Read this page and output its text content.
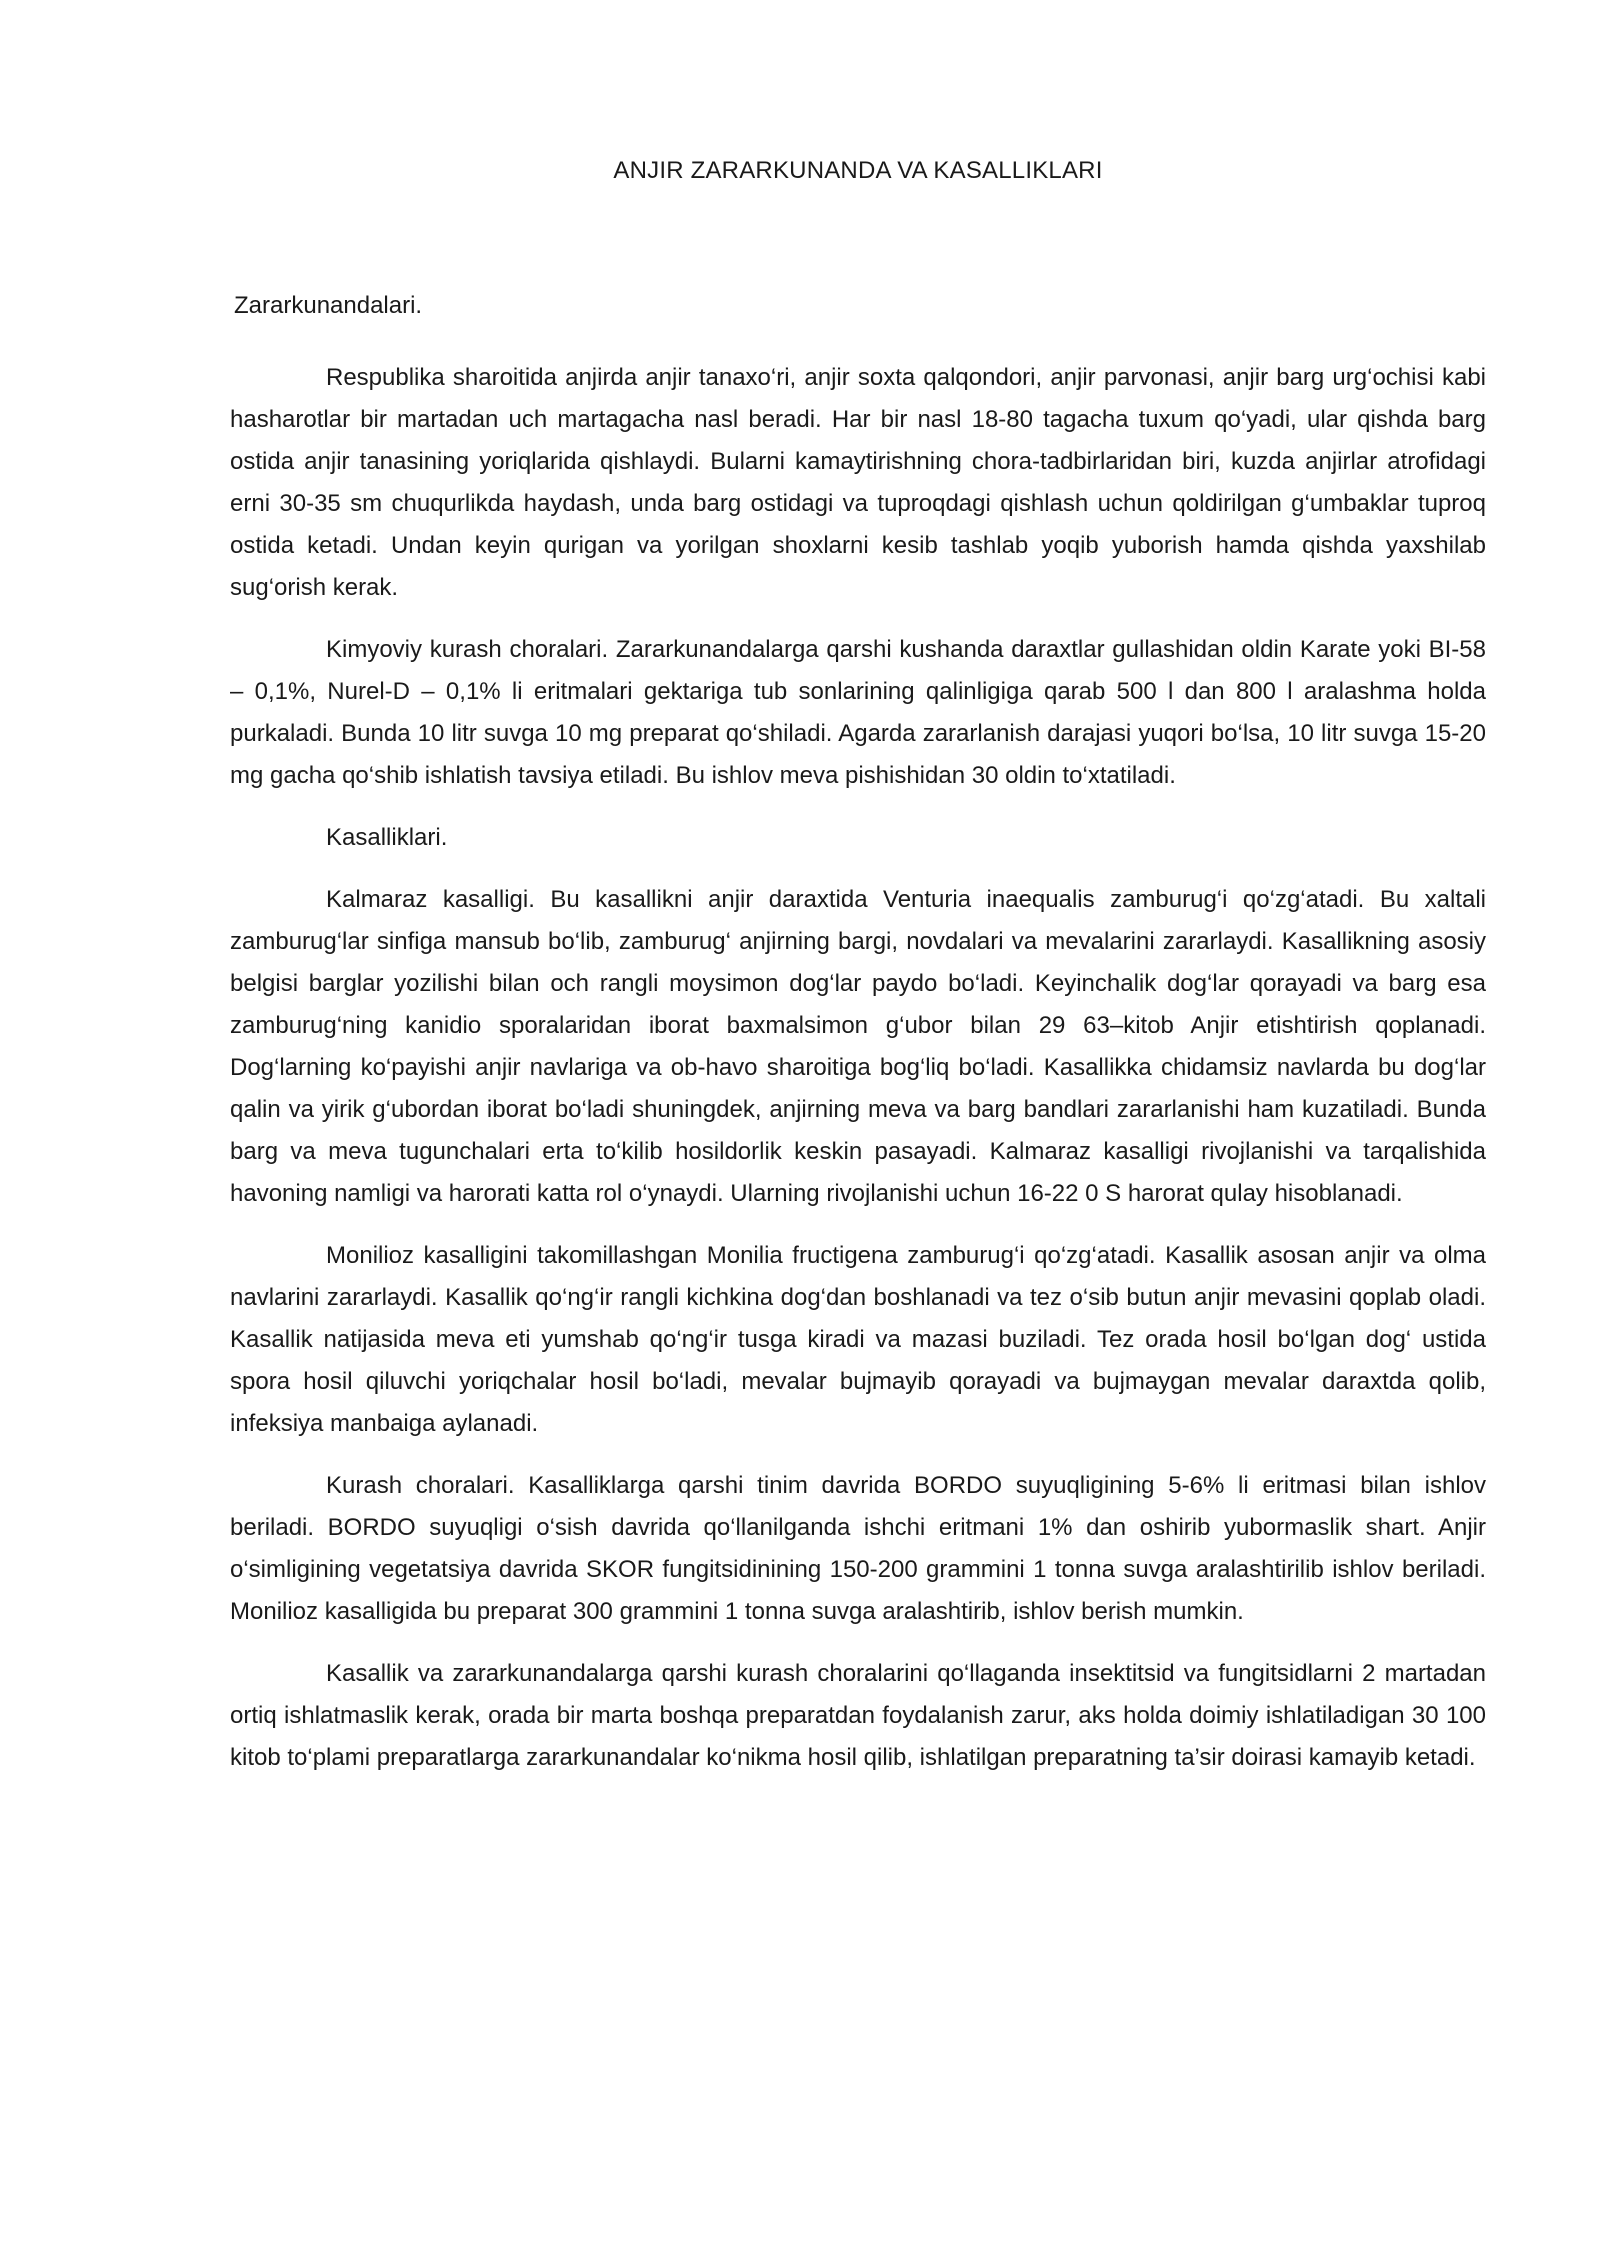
ANJIR ZARARKUNANDA VA KASALLIKLARI

Zararkunandalari.

Respublika sharoitida anjirda anjir tanaxo‘ri, anjir soxta qalqondori, anjir parvonasi, anjir barg urg‘ochisi kabi hasharotlar bir martadan uch martagacha nasl beradi. Har bir nasl 18-80 tagacha tuxum qo‘yadi, ular qishda barg ostida anjir tanasining yoriqlarida qishlaydi. Bularni kamaytirishning chora-tadbirlaridan biri, kuzda anjirlar atrofidagi erni 30-35 sm chuqurlikda haydash, unda barg ostidagi va tuproqdagi qishlash uchun qoldirilgan g‘umbaklar tuproq ostida ketadi. Undan keyin qurigan va yorilgan shoxlarni kesib tashlab yoqib yuborish hamda qishda yaxshilab sug‘orish kerak.

Kimyoviy kurash choralari. Zararkunandalarga qarshi kushanda daraxtlar gullashidan oldin Karate yoki BI-58 – 0,1%, Nurel-D – 0,1% li eritmalari gektariga tub sonlarining qalinligiga qarab 500 l dan 800 l aralashma holda purkaladi. Bunda 10 litr suvga 10 mg preparat qo‘shiladi. Agarda zararlanish darajasi yuqori bo‘lsa, 10 litr suvga 15-20 mg gacha qo‘shib ishlatish tavsiya etiladi. Bu ishlov meva pishishidan 30 oldin to‘xtatiladi.

Kasalliklari.

Kalmaraz kasalligi. Bu kasallikni anjir daraxtida Venturia inaequalis zamburug‘i qo‘zg‘atadi. Bu xaltali zamburug‘lar sinfiga mansub bo‘lib, zamburug‘ anjirning bargi, novdalari va mevalarini zararlaydi. Kasallikning asosiy belgisi barglar yozilishi bilan och rangli moysimon dog‘lar paydo bo‘ladi. Keyinchalik dog‘lar qorayadi va barg esa zamburug‘ning kanidio sporalaridan iborat baxmalsimon g‘ubor bilan 29 63–kitob Anjir etishtirish qoplanadi. Dog‘larning ko‘payishi anjir navlariga va ob-havo sharoitiga bog‘liq bo‘ladi. Kasallikka chidamsiz navlarda bu dog‘lar qalin va yirik g‘ubordan iborat bo‘ladi shuningdek, anjirning meva va barg bandlari zararlanishi ham kuzatiladi. Bunda barg va meva tugunchalari erta to‘kilib hosildorlik keskin pasayadi. Kalmaraz kasalligi rivojlanishi va tarqalishida havoning namligi va harorati katta rol o‘ynaydi. Ularning rivojlanishi uchun 16-22 0 S harorat qulay hisoblanadi.

Monilioz kasalligini takomillashgan Monilia fructigena zamburug‘i qo‘zg‘atadi. Kasallik asosan anjir va olma navlarini zararlaydi. Kasallik qo‘ng‘ir rangli kichkina dog‘dan boshlanadi va tez o‘sib butun anjir mevasini qoplab oladi. Kasallik natijasida meva eti yumshab qo‘ng‘ir tusga kiradi va mazasi buziladi. Tez orada hosil bo‘lgan dog‘ ustida spora hosil qiluvchi yoriqchalar hosil bo‘ladi, mevalar bujmayib qorayadi va bujmaygan mevalar daraxtda qolib, infeksiya manbaiga aylanadi.

Kurash choralari. Kasalliklarga qarshi tinim davrida BORDO suyuqligining 5-6% li eritmasi bilan ishlov beriladi. BORDO suyuqligi o‘sish davrida qo‘llanilganda ishchi eritmani 1% dan oshirib yubormaslik shart. Anjir o‘simligining vegetatsiya davrida SKOR fungitsidinining 150-200 grammini 1 tonna suvga aralashtirilib ishlov beriladi. Monilioz kasalligida bu preparat 300 grammini 1 tonna suvga aralashtirib, ishlov berish mumkin.

Kasallik va zararkunandalarga qarshi kurash choralarini qo‘llaganda insektitsid va fungitsidlarni 2 martadan ortiq ishlatmaslik kerak, orada bir marta boshqa preparatdan foydalanish zarur, aks holda doimiy ishlatiladigan 30 100 kitob to‘plami preparatlarga zararkunandalar ko‘nikma hosil qilib, ishlatilgan preparatning ta’sir doirasi kamayib ketadi.
